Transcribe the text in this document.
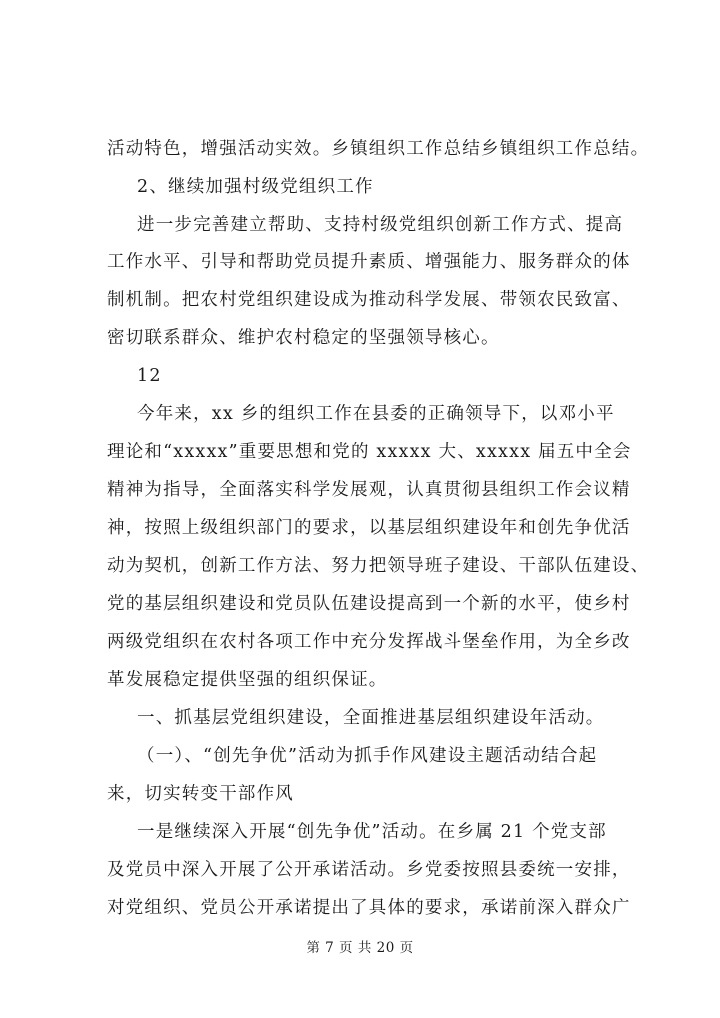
活动特色，增强活动实效。乡镇组织工作总结乡镇组织工作总结。
2、继续加强村级党组织工作
进一步完善建立帮助、支持村级党组织创新工作方式、提高
工作水平、引导和帮助党员提升素质、增强能力、服务群众的体
制机制。把农村党组织建设成为推动科学发展、带领农民致富、
密切联系群众、维护农村稳定的坚强领导核心。
12
今年来，xx 乡的组织工作在县委的正确领导下，以邓小平
理论和“xxxxx”重要思想和党的 xxxxx 大、xxxxx 届五中全会
精神为指导，全面落实科学发展观，认真贯彻县组织工作会议精
神，按照上级组织部门的要求，以基层组织建设年和创先争优活
动为契机，创新工作方法、努力把领导班子建设、干部队伍建设、
党的基层组织建设和党员队伍建设提高到一个新的水平，使乡村
两级党组织在农村各项工作中充分发挥战斗堡垒作用，为全乡改
革发展稳定提供坚强的组织保证。
一、抓基层党组织建设，全面推进基层组织建设年活动。
（一）、“创先争优”活动为抓手作风建设主题活动结合起
来，切实转变干部作风
一是继续深入开展“创先争优”活动。在乡属 21 个党支部
及党员中深入开展了公开承诺活动。乡党委按照县委统一安排，
对党组织、党员公开承诺提出了具体的要求，承诺前深入群众广
第 7 页 共 20 页
